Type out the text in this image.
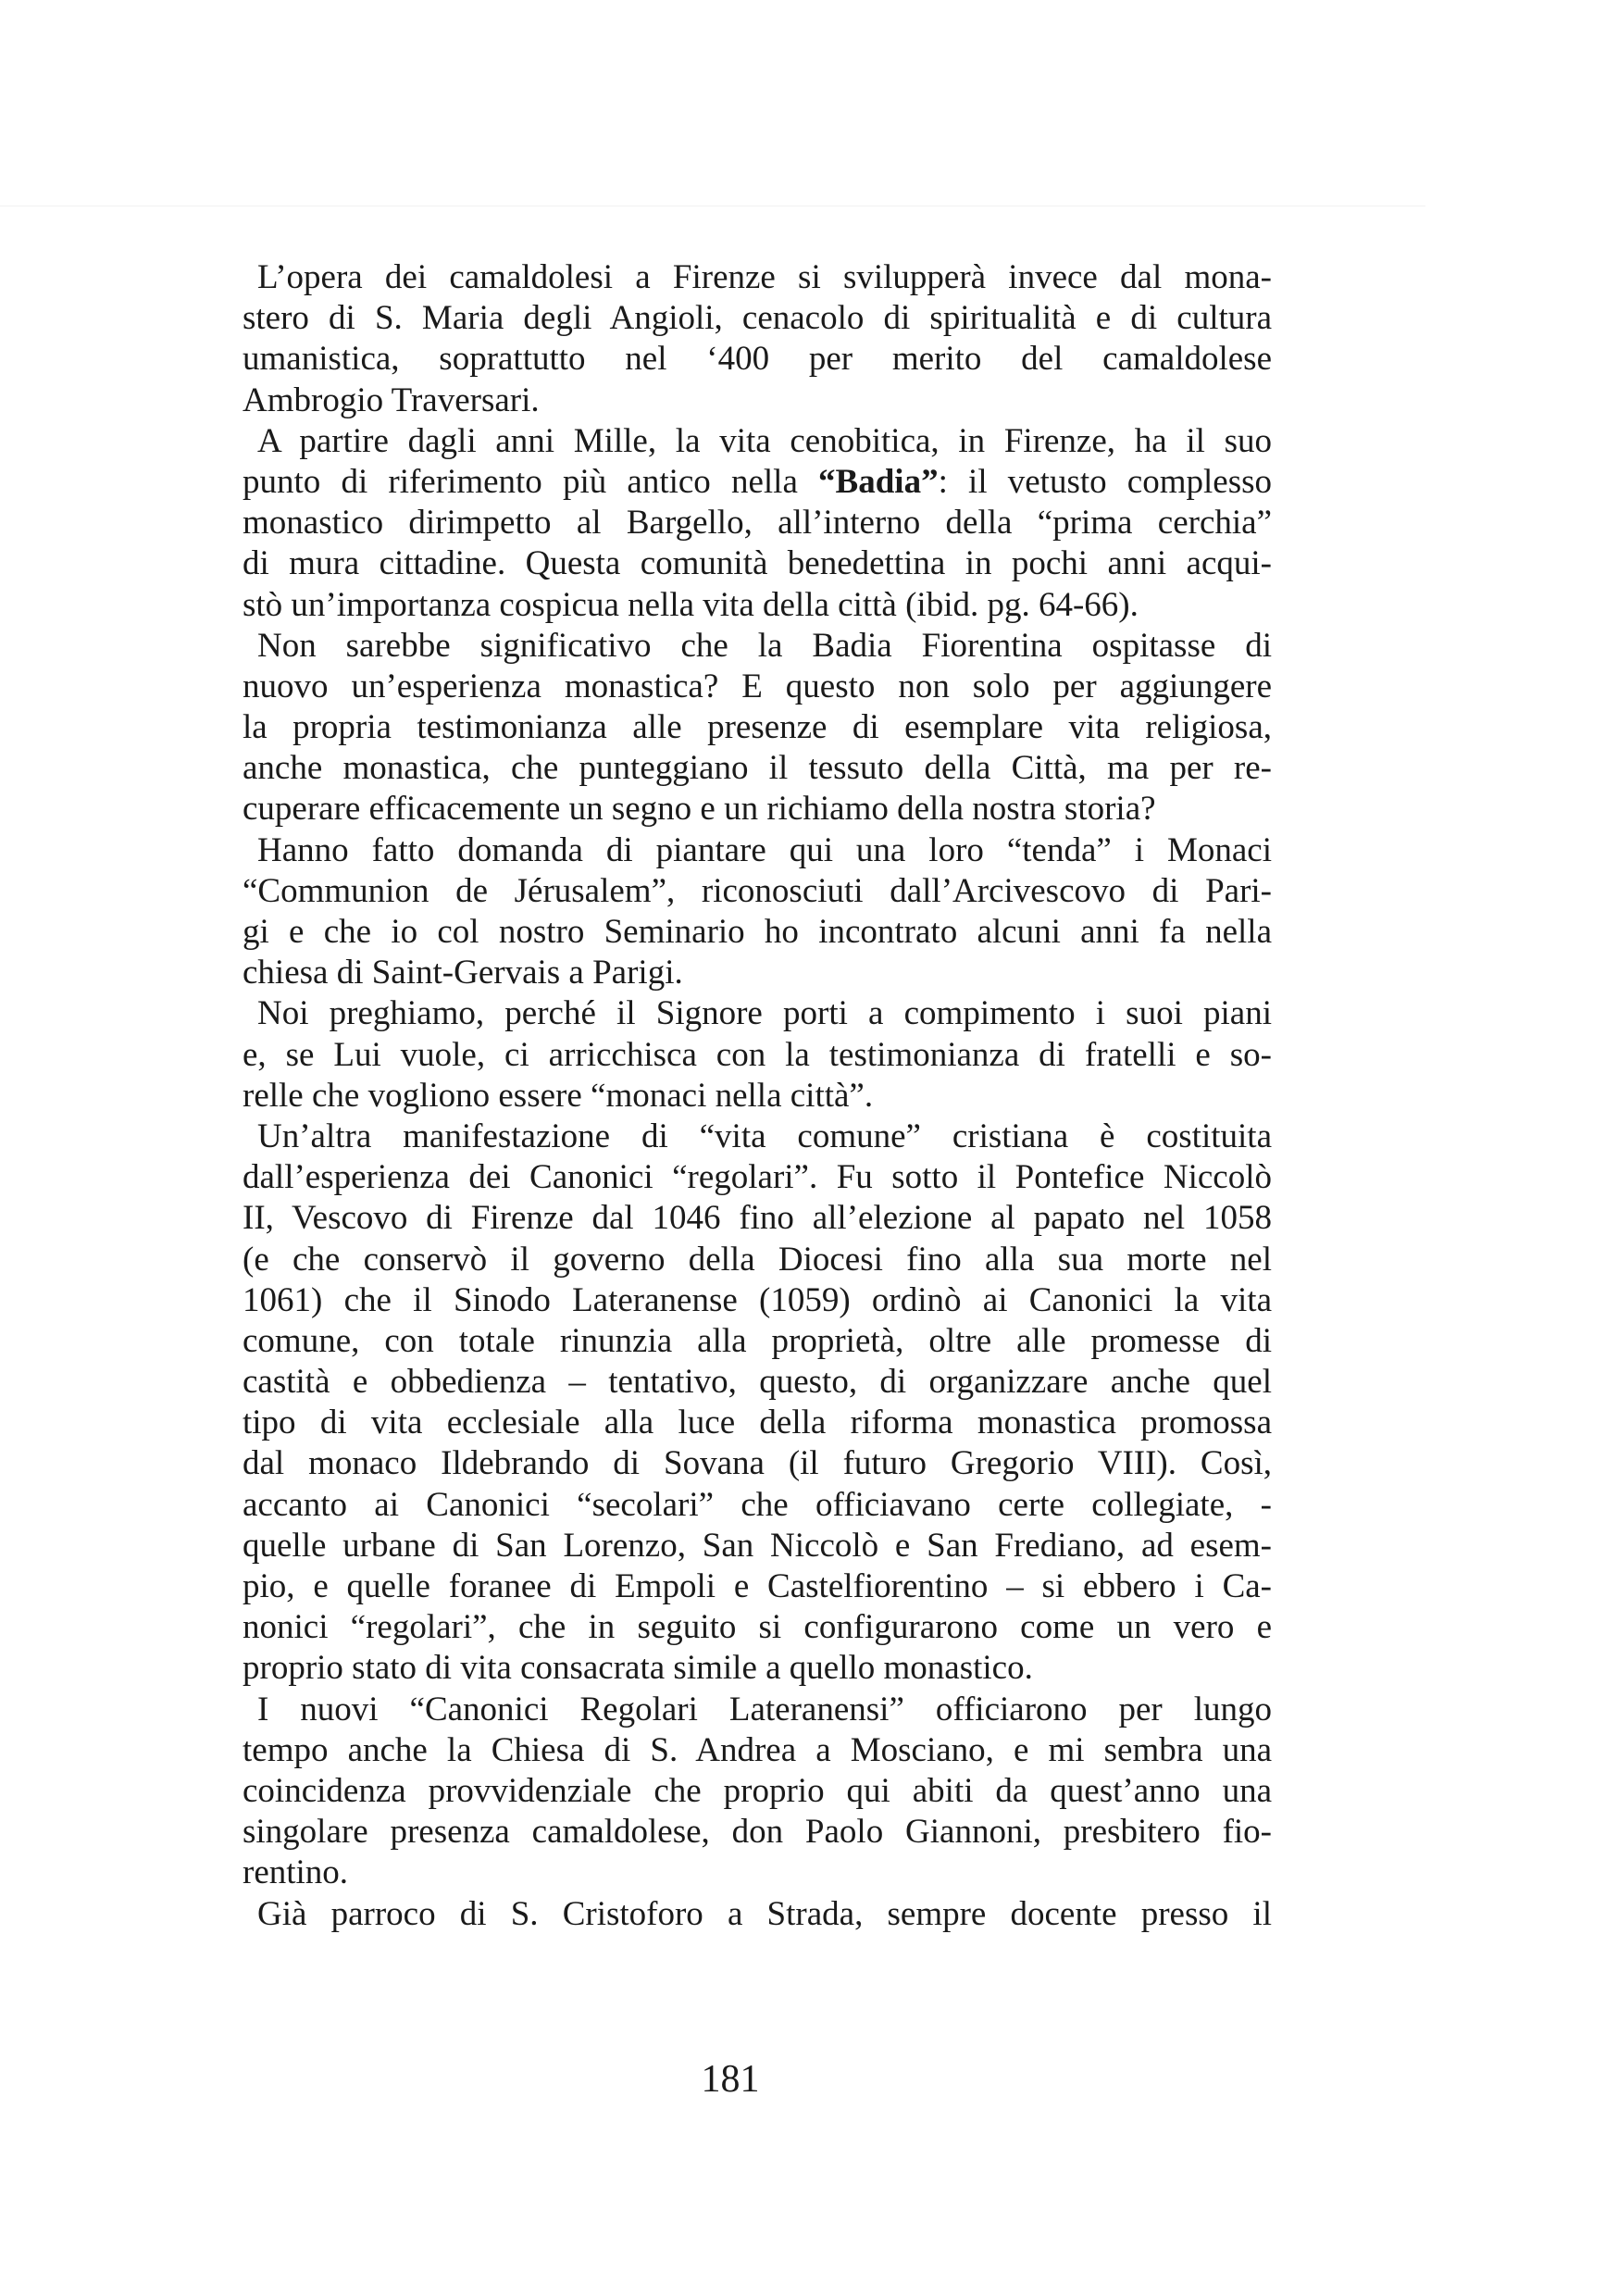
L’opera dei camaldolesi a Firenze si svilupperà invece dal mona-
stero di S. Maria degli Angioli, cenacolo di spiritualità e di cultura
umanistica, soprattutto nel ‘400 per merito del camaldolese
Ambrogio Traversari.
A partire dagli anni Mille, la vita cenobitica, in Firenze, ha il suo
punto di riferimento più antico nella “Badia”: il vetusto complesso
monastico dirimpetto al Bargello, all’interno della “prima cerchia”
di mura cittadine. Questa comunità benedettina in pochi anni acqui-
stò un’importanza cospicua nella vita della città (ibid. pg. 64-66).
Non sarebbe significativo che la Badia Fiorentina ospitasse di
nuovo un’esperienza monastica? E questo non solo per aggiungere
la propria testimonianza alle presenze di esemplare vita religiosa,
anche monastica, che punteggiano il tessuto della Città, ma per re-
cuperare efficacemente un segno e un richiamo della nostra storia?
Hanno fatto domanda di piantare qui una loro “tenda” i Monaci
“Communion de Jérusalem”, riconosciuti dall’Arcivescovo di Pari-
gi e che io col nostro Seminario ho incontrato alcuni anni fa nella
chiesa di Saint-Gervais a Parigi.
Noi preghiamo, perché il Signore porti a compimento i suoi piani
e, se Lui vuole, ci arricchisca con la testimonianza di fratelli e so-
relle che vogliono essere “monaci nella città”.
Un’altra manifestazione di “vita comune” cristiana è costituita
dall’esperienza dei Canonici “regolari”. Fu sotto il Pontefice Niccolò
II, Vescovo di Firenze dal 1046 fino all’elezione al papato nel 1058
(e che conservò il governo della Diocesi fino alla sua morte nel
1061) che il Sinodo Lateranense (1059) ordinò ai Canonici la vita
comune, con totale rinunzia alla proprietà, oltre alle promesse di
castità e obbedienza – tentativo, questo, di organizzare anche quel
tipo di vita ecclesiale alla luce della riforma monastica promossa
dal monaco Ildebrando di Sovana (il futuro Gregorio VIII). Così,
accanto ai Canonici “secolari” che officiavano certe collegiate, -
quelle urbane di San Lorenzo, San Niccolò e San Frediano, ad esem-
pio, e quelle foranee di Empoli e Castelfiorentino – si ebbero i Ca-
nonici “regolari”, che in seguito si configurarono come un vero e
proprio stato di vita consacrata simile a quello monastico.
I nuovi “Canonici Regolari Lateranensi” officiarono per lungo
tempo anche la Chiesa di S. Andrea a Mosciano, e mi sembra una
coincidenza provvidenziale che proprio qui abiti da quest’anno una
singolare presenza camaldolese, don Paolo Giannoni, presbitero fio-
rentino.
Già parroco di S. Cristoforo a Strada, sempre docente presso il
181
